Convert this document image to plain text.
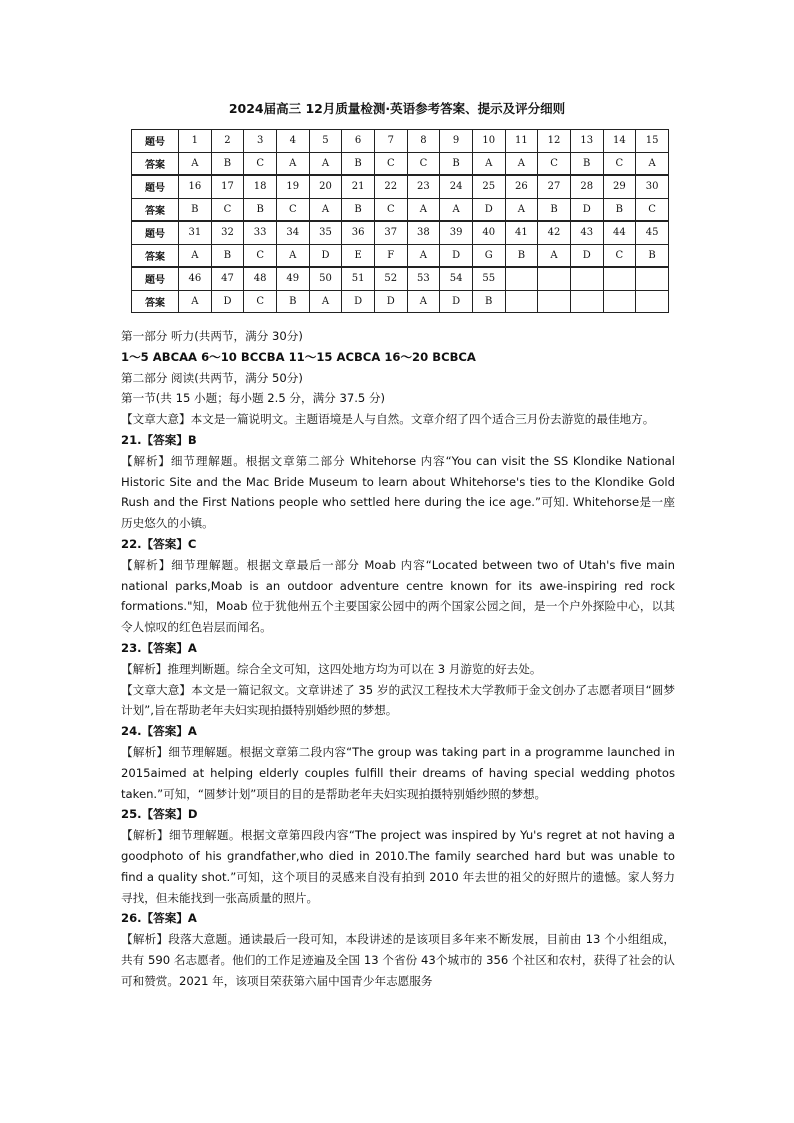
2024届高三 12月质量检测·英语参考答案、提示及评分细则
题号	1	2	3	4	5	6	7	8	9	10	11	12	13	14	15
答案	A	B	C	A	A	B	C	C	B	A	A	C	B	C	A
题号	16	17	18	19	20	21	22	23	24	25	26	27	28	29	30
答案	B	C	B	C	A	B	C	A	A	D	A	B	D	B	C
题号	31	32	33	34	35	36	37	38	39	40	41	42	43	44	45
答案	A	B	C	A	D	E	F	A	D	G	B	A	D	C	B
题号	46	47	48	49	50	51	52	53	54	55					
答案	A	D	C	B	A	D	D	A	D	B					

第一部分 听力(共两节，满分 30分)

1～5 ABCAA 6～10 BCCBA 11～15 ACBCA 16～20 BCBCA

第二部分 阅读(共两节，满分 50分)

第一节(共 15 小题；每小题 2.5 分，满分 37.5 分)

【文章大意】本文是一篇说明文。主题语境是人与自然。文章介绍了四个适合三月份去游览的最佳地方。

21.【答案】B

【解析】细节理解题。根据文章第二部分 Whitehorse 内容“You can visit the SS Klondike National Historic Site and the Mac Bride Museum to learn about Whitehorse's ties to the Klondike Gold Rush and the First Nations people who settled here during the ice age.”可知. Whitehorse是一座历史悠久的小镇。

22.【答案】C

【解析】细节理解题。根据文章最后一部分 Moab 内容“Located between two of Utah's five main national parks,Moab is an outdoor adventure centre known for its awe-inspiring red rock formations."知，Moab 位于犹他州五个主要国家公园中的两个国家公园之间，是一个户外探险中心，以其令人惊叹的红色岩层而闻名。

23.【答案】A

【解析】推理判断题。综合全文可知，这四处地方均为可以在 3 月游览的好去处。

【文章大意】本文是一篇记叙文。文章讲述了 35 岁的武汉工程技术大学教师于金文创办了志愿者项目“圆梦计划”,旨在帮助老年夫妇实现拍摄特别婚纱照的梦想。

24.【答案】A

【解析】细节理解题。根据文章第二段内容“The group was taking part in a programme launched in 2015aimed at helping elderly couples fulfill their dreams of having special wedding photos taken.”可知，“圆梦计划”项目的目的是帮助老年夫妇实现拍摄特别婚纱照的梦想。

25.【答案】D

【解析】细节理解题。根据文章第四段内容“The project was inspired by Yu's regret at not having a goodphoto of his grandfather,who died in 2010.The family searched hard but was unable to find a quality shot.”可知，这个项目的灵感来自没有拍到 2010 年去世的祖父的好照片的遗憾。家人努力寻找，但未能找到一张高质量的照片。

26.【答案】A

【解析】段落大意题。通读最后一段可知，本段讲述的是该项目多年来不断发展，目前由 13 个小组组成，共有 590 名志愿者。他们的工作足迹遍及全国 13 个省份 43个城市的 356 个社区和农村，获得了社会的认可和赞赏。2021 年，该项目荣获第六届中国青少年志愿服务
